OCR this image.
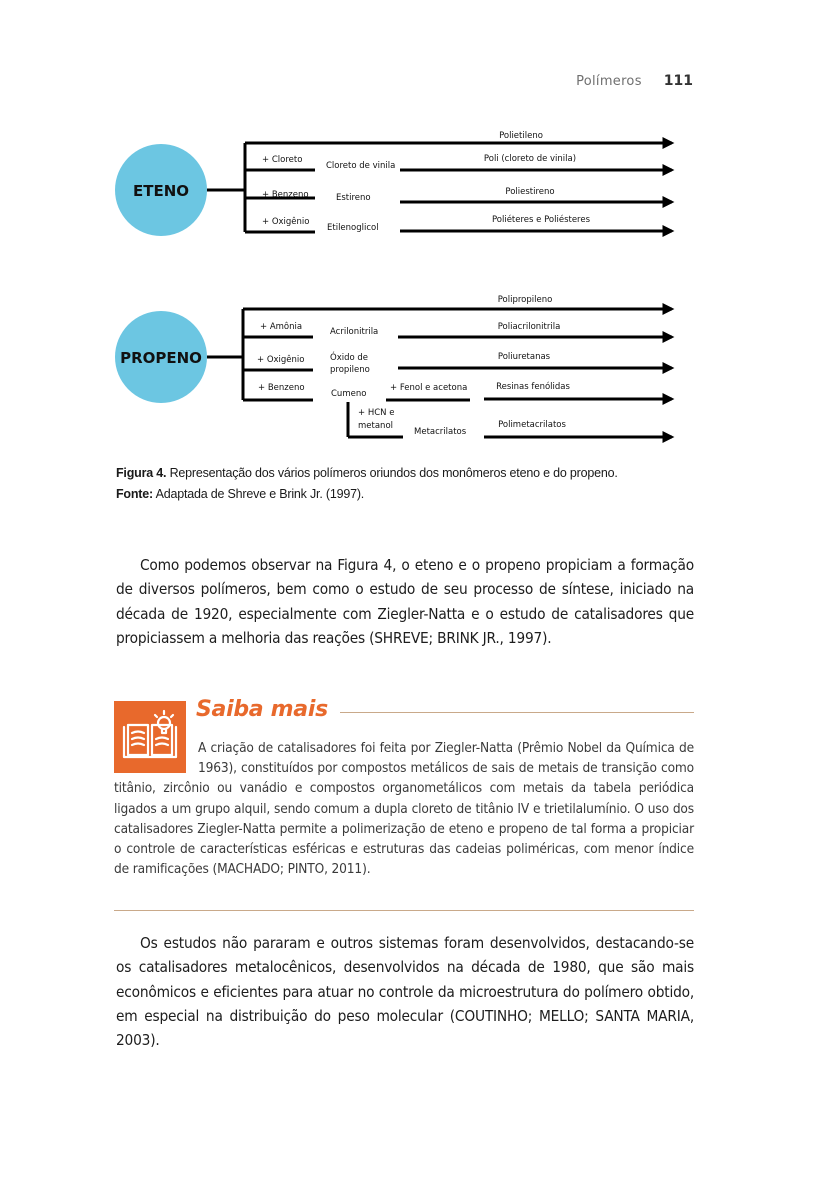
Polímeros 111
ETENO
Polietileno
+ Cloreto
Cloreto de vinila
Poli (cloreto de vinila)
+ Benzeno	Estireno
Poliestireno
+ Oxigênio
Etilenoglicol
Poliéteres e Poliésteres
PROPENO
Polipropileno
+ Amônia	Acrilonitrila	Poliacrilonitrila
+ Oxigênio	Óxido de
propileno
Poliuretanas
+ Benzeno
Cumeno
+ Fenol e acetona	Resinas fenólidas
+ HCN e
metanol
Metacrilatos
Polimetacrilatos
Figura 4. Representação dos vários polímeros oriundos dos monômeros eteno e do propeno.
Fonte: Adaptada de Shreve e Brink Jr. (1997).
Como podemos observar na Figura 4, o eteno e o propeno propiciam a formação de diversos polímeros, bem como o estudo de seu processo de síntese, iniciado na década de 1920, especialmente com Ziegler-Natta e o estudo de catalisadores que propiciassem a melhoria das reações (SHREVE; BRINK JR., 1997).
Saiba mais
A criação de catalisadores foi feita por Ziegler-Natta (Prêmio Nobel da Química de 1963), constituídos por compostos metálicos de sais de metais de transição como titânio, zircônio ou vanádio e compostos organometálicos com metais da tabela periódica ligados a um grupo alquil, sendo comum a dupla cloreto de titânio IV e trietilalumínio. O uso dos catalisadores Ziegler-Natta permite a polimerização de eteno e propeno de tal forma a propiciar o controle de características esféricas e estruturas das cadeias poliméricas, com menor índice de ramificações (MACHADO; PINTO, 2011).
Os estudos não pararam e outros sistemas foram desenvolvidos, destacando-se os catalisadores metalocênicos, desenvolvidos na década de 1980, que são mais econômicos e eficientes para atuar no controle da microestrutura do polímero obtido, em especial na distribuição do peso molecular (COUTINHO; MELLO; SANTA MARIA, 2003).
